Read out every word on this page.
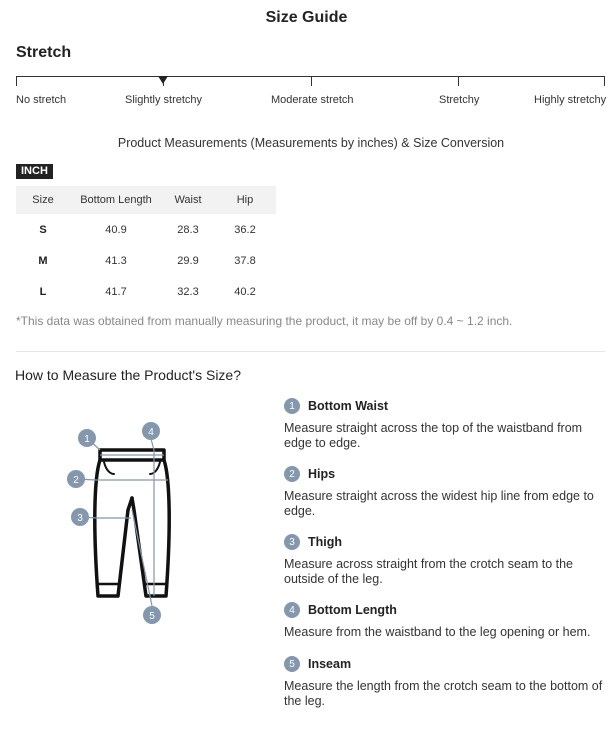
Size Guide
Stretch
No stretch	Slightly stretchy	Moderate stretch	Stretchy	Highly stretchy
Product Measurements (Measurements by inches) & Size Conversion
INCH
Size	Bottom Length	Waist	Hip
S	40.9	28.3	36.2
M	41.3	29.9	37.8
L	41.7	32.3	40.2
*This data was obtained from manually measuring the product, it may be off by 0.4 ~ 1.2 inch.
How to Measure the Product's Size?
1
2
3
4
5
1	Bottom Waist
Measure straight across the top of the waistband from edge to edge.
2	Hips
Measure straight across the widest hip line from edge to edge.
3	Thigh
Measure across straight from the crotch seam to the outside of the leg.
4	Bottom Length
Measure from the waistband to the leg opening or hem.
5	Inseam
Measure the length from the crotch seam to the bottom of the leg.
